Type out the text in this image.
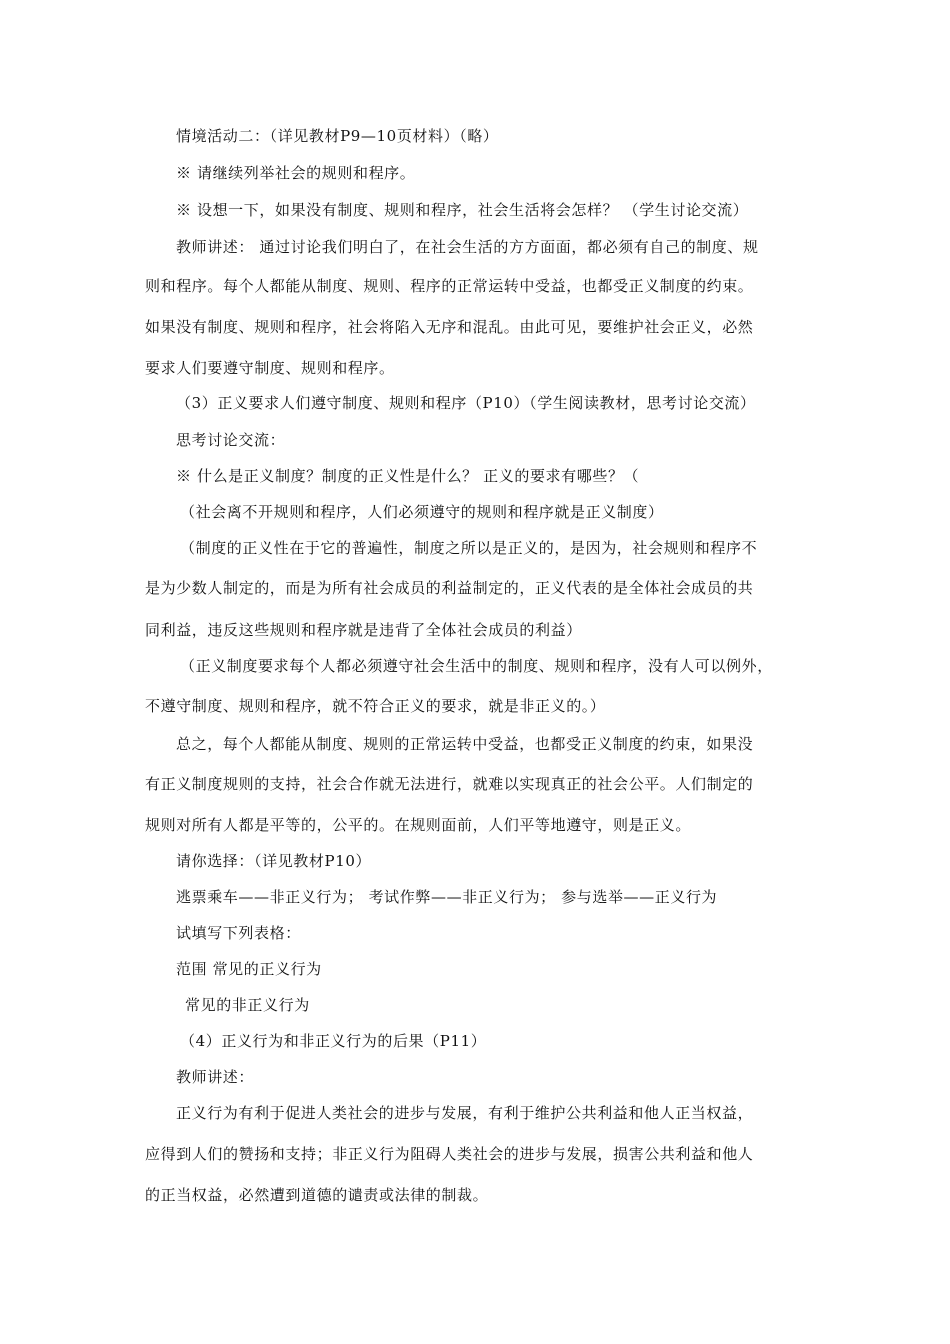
情境活动二：（详见教材P9—10页材料）（略）
※ 请继续列举社会的规则和程序。
※ 设想一下，如果没有制度、规则和程序，社会生活将会怎样？ （学生讨论交流）
教师讲述： 通过讨论我们明白了，在社会生活的方方面面，都必须有自己的制度、规
则和程序。每个人都能从制度、规则、程序的正常运转中受益，也都受正义制度的约束。
如果没有制度、规则和程序，社会将陷入无序和混乱。由此可见，要维护社会正义，必然
要求人们要遵守制度、规则和程序。
（3）正义要求人们遵守制度、规则和程序（P10）（学生阅读教材，思考讨论交流）
思考讨论交流：
※ 什么是正义制度？制度的正义性是什么？ 正义的要求有哪些？（
（社会离不开规则和程序，人们必须遵守的规则和程序就是正义制度）
（制度的正义性在于它的普遍性，制度之所以是正义的，是因为，社会规则和程序不
是为少数人制定的，而是为所有社会成员的利益制定的，正义代表的是全体社会成员的共
同利益，违反这些规则和程序就是违背了全体社会成员的利益）
（正义制度要求每个人都必须遵守社会生活中的制度、规则和程序，没有人可以例外，
不遵守制度、规则和程序，就不符合正义的要求，就是非正义的。）
总之，每个人都能从制度、规则的正常运转中受益，也都受正义制度的约束，如果没
有正义制度规则的支持，社会合作就无法进行，就难以实现真正的社会公平。人们制定的
规则对所有人都是平等的，公平的。在规则面前，人们平等地遵守，则是正义。
请你选择：（详见教材P10）
逃票乘车——非正义行为； 考试作弊——非正义行为； 参与选举——正义行为
试填写下列表格：
范围 常见的正义行为
常见的非正义行为
（4）正义行为和非正义行为的后果（P11）
教师讲述：
正义行为有利于促进人类社会的进步与发展，有利于维护公共利益和他人正当权益，
应得到人们的赞扬和支持；非正义行为阻碍人类社会的进步与发展，损害公共利益和他人
的正当权益，必然遭到道德的谴责或法律的制裁。
